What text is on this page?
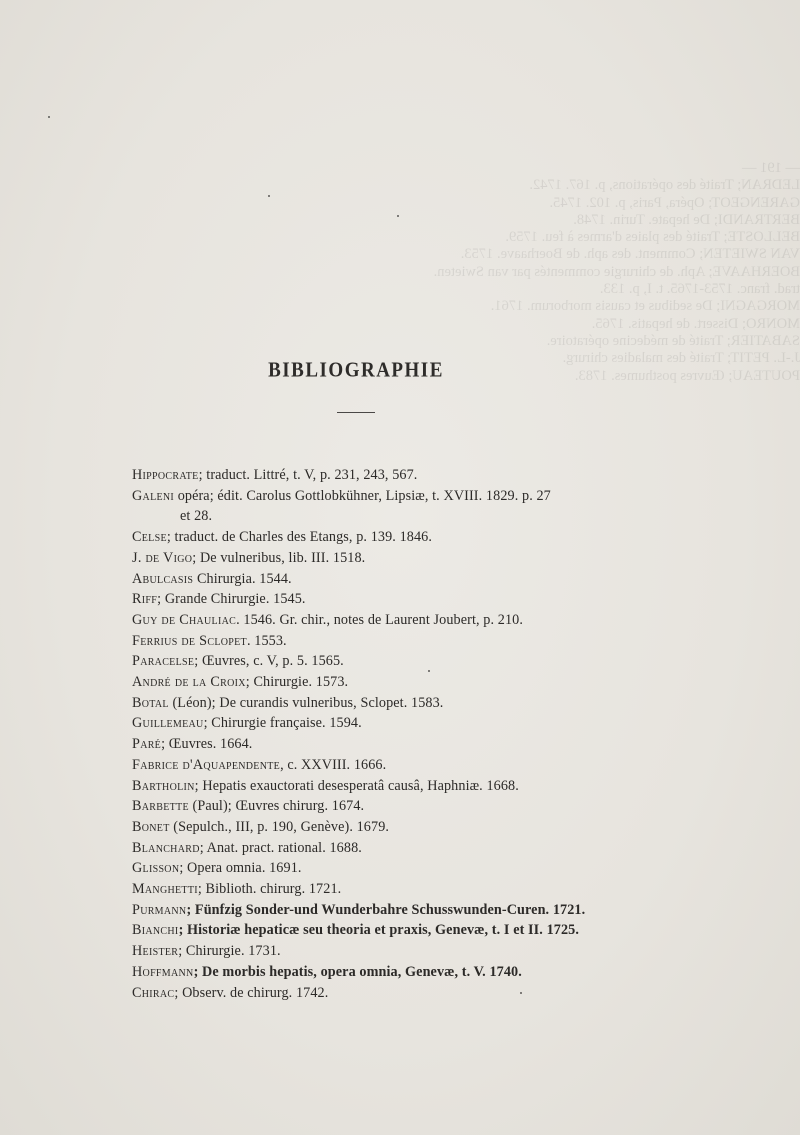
— 191 —
LEDRAN; Traité des opérations, p. 167. 1742.
GARENGEOT; Opéra, Paris, p. 102. 1745.
BERTRANDI; De hepate. Turin. 1748.
BELLOSTE; Traité des plaies d'armes à feu. 1759.
VAN SWIETEN; Comment. des aph. de Boerhaave. 1753.
BOERHAAVE; Aph. de chirurgie commentés par van Swieten.
trad. franc. 1753-1765. t. I, p. 133.
MORGAGNI; De sedibus et causis morborum. 1761.
MONRO; Dissert. de hepatis. 1765.
SABATIER; Traité de médecine opératoire.
J.-L. PETIT; Traité des maladies chirurg.
POUTEAU; Œuvres posthumes. 1783.
BIBLIOGRAPHIE
Hippocrate; traduct. Littré, t. V, p. 231, 243, 567.
Galeni opéra; édit. Carolus Gottlobkühner, Lipsiæ, t. XVIII. 1829. p. 27
et 28.
Celse; traduct. de Charles des Etangs, p. 139. 1846.
J. de Vigo; De vulneribus, lib. III. 1518.
Abulcasis Chirurgia. 1544.
Riff; Grande Chirurgie. 1545.
Guy de Chauliac. 1546. Gr. chir., notes de Laurent Joubert, p. 210.
Ferrius de Sclopet. 1553.
Paracelse; Œuvres, c. V, p. 5. 1565.
André de la Croix; Chirurgie. 1573.
Botal (Léon); De curandis vulneribus, Sclopet. 1583.
Guillemeau; Chirurgie française. 1594.
Paré; Œuvres. 1664.
Fabrice d'Aquapendente, c. XXVIII. 1666.
Bartholin; Hepatis exauctorati desesperatâ causâ, Haphniæ. 1668.
Barbette (Paul); Œuvres chirurg. 1674.
Bonet (Sepulch., III, p. 190, Genève). 1679.
Blanchard; Anat. pract. rational. 1688.
Glisson; Opera omnia. 1691.
Manghetti; Biblioth. chirurg. 1721.
Purmann; Fünfzig Sonder-und Wunderbahre Schusswunden-Curen. 1721.
Bianchi; Historiæ hepaticæ seu theoria et praxis, Genevæ, t. I et II. 1725.
Heister; Chirurgie. 1731.
Hoffmann; De morbis hepatis, opera omnia, Genevæ, t. V. 1740.
Chirac; Observ. de chirurg. 1742.
